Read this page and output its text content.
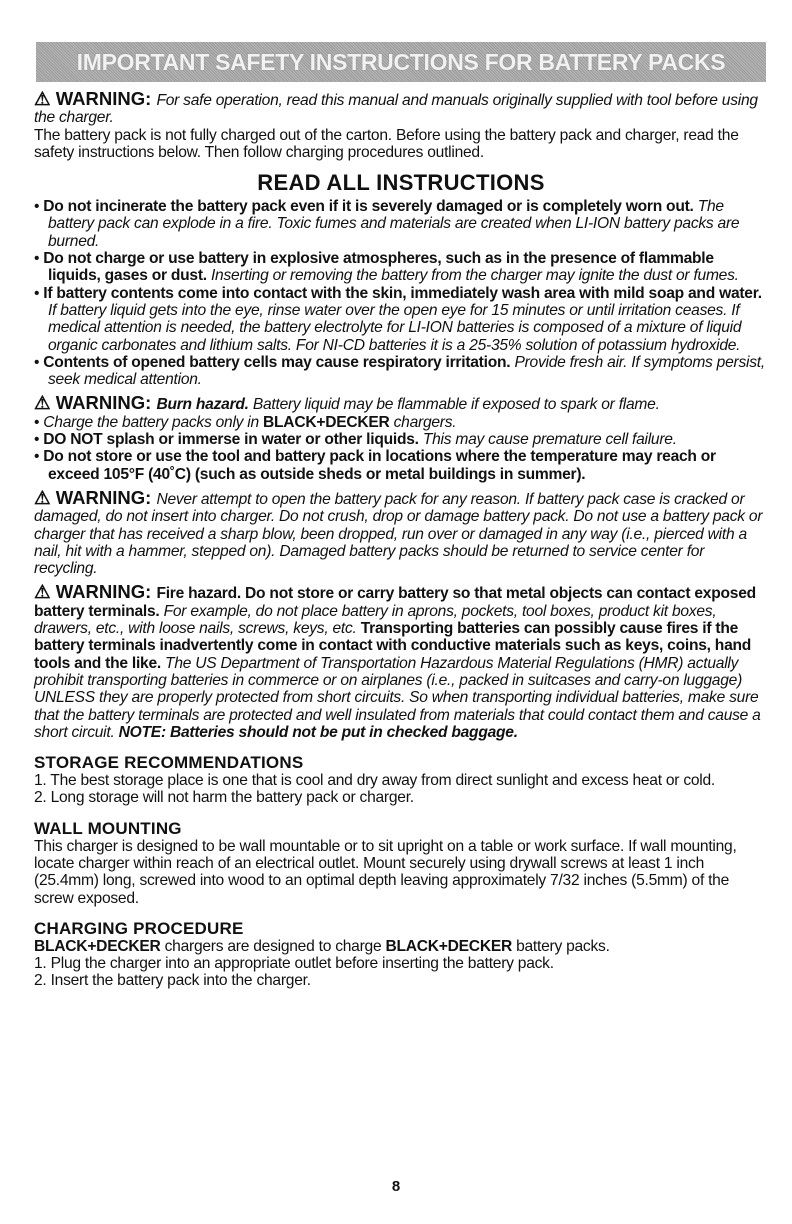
IMPORTANT SAFETY INSTRUCTIONS FOR BATTERY PACKS

⚠ WARNING: For safe operation, read this manual and manuals originally supplied with tool before using the charger.

The battery pack is not fully charged out of the carton. Before using the battery pack and charger, read the safety instructions below. Then follow charging procedures outlined.

READ ALL INSTRUCTIONS

• Do not incinerate the battery pack even if it is severely damaged or is completely worn out. The battery pack can explode in a fire. Toxic fumes and materials are created when LI-ION battery packs are burned.

• Do not charge or use battery in explosive atmospheres, such as in the presence of flammable liquids, gases or dust. Inserting or removing the battery from the charger may ignite the dust or fumes.

• If battery contents come into contact with the skin, immediately wash area with mild soap and water. If battery liquid gets into the eye, rinse water over the open eye for 15 minutes or until irritation ceases. If medical attention is needed, the battery electrolyte for LI-ION batteries is composed of a mixture of liquid organic carbonates and lithium salts. For NI-CD batteries it is a 25-35% solution of potassium hydroxide.

• Contents of opened battery cells may cause respiratory irritation. Provide fresh air. If symptoms persist, seek medical attention.

⚠ WARNING: Burn hazard. Battery liquid may be flammable if exposed to spark or flame.

• Charge the battery packs only in BLACK+DECKER chargers.

• DO NOT splash or immerse in water or other liquids. This may cause premature cell failure.

• Do not store or use the tool and battery pack in locations where the temperature may reach or exceed 105°F (40˚C) (such as outside sheds or metal buildings in summer).

⚠ WARNING: Never attempt to open the battery pack for any reason. If battery pack case is cracked or damaged, do not insert into charger. Do not crush, drop or damage battery pack. Do not use a battery pack or charger that has received a sharp blow, been dropped, run over or damaged in any way (i.e., pierced with a nail, hit with a hammer, stepped on). Damaged battery packs should be returned to service center for recycling.

⚠ WARNING: Fire hazard. Do not store or carry battery so that metal objects can contact exposed battery terminals. For example, do not place battery in aprons, pockets, tool boxes, product kit boxes, drawers, etc., with loose nails, screws, keys, etc. Transporting batteries can possibly cause fires if the battery terminals inadvertently come in contact with conductive materials such as keys, coins, hand tools and the like. The US Department of Transportation Hazardous Material Regulations (HMR) actually prohibit transporting batteries in commerce or on airplanes (i.e., packed in suitcases and carry-on luggage) UNLESS they are properly protected from short circuits. So when transporting individual batteries, make sure that the battery terminals are protected and well insulated from materials that could contact them and cause a short circuit. NOTE: Batteries should not be put in checked baggage.

STORAGE RECOMMENDATIONS

1. The best storage place is one that is cool and dry away from direct sunlight and excess heat or cold.

2. Long storage will not harm the battery pack or charger.

WALL MOUNTING

This charger is designed to be wall mountable or to sit upright on a table or work surface. If wall mounting, locate charger within reach of an electrical outlet. Mount securely using drywall screws at least 1 inch (25.4mm) long, screwed into wood to an optimal depth leaving approximately 7/32 inches (5.5mm) of the screw exposed.

CHARGING PROCEDURE

BLACK+DECKER chargers are designed to charge BLACK+DECKER battery packs.

1. Plug the charger into an appropriate outlet before inserting the battery pack.

2. Insert the battery pack into the charger.

8
